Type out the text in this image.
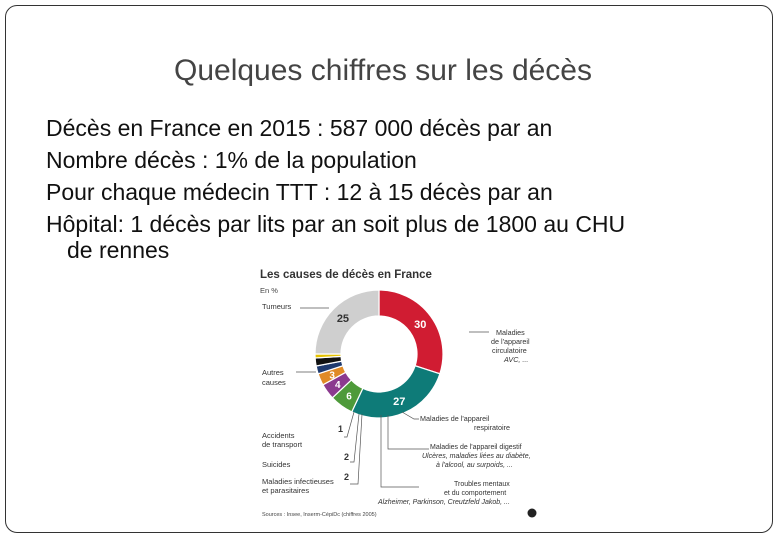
Quelques chiffres sur les décès
Décès en France en 2015 : 587 000 décès par an
Nombre décès : 1% de la population
Pour chaque médecin TTT : 12 à 15 décès par an
Hôpital: 1 décès par lits par an soit plus de 1800 au CHU
de rennes
Les causes de décès en France
En %
30
27
6
4
3
25
Tumeurs
Maladies de l'appareil circulatoire AVC, ...
Autres causes
Maladies de l'appareil respiratoire
Accidents de transport
1
Maladies de l'appareil digestif Ulcères, maladies liées au diabète, à l'alcool, au surpoids, ...
Suicides
2
Maladies infectieuses et parasitaires
2
Troubles mentaux et du comportement Alzheimer, Parkinson, Creutzfeld Jakob, ...
Sources : Insee, Inserm-CépiDc (chiffres 2005)
